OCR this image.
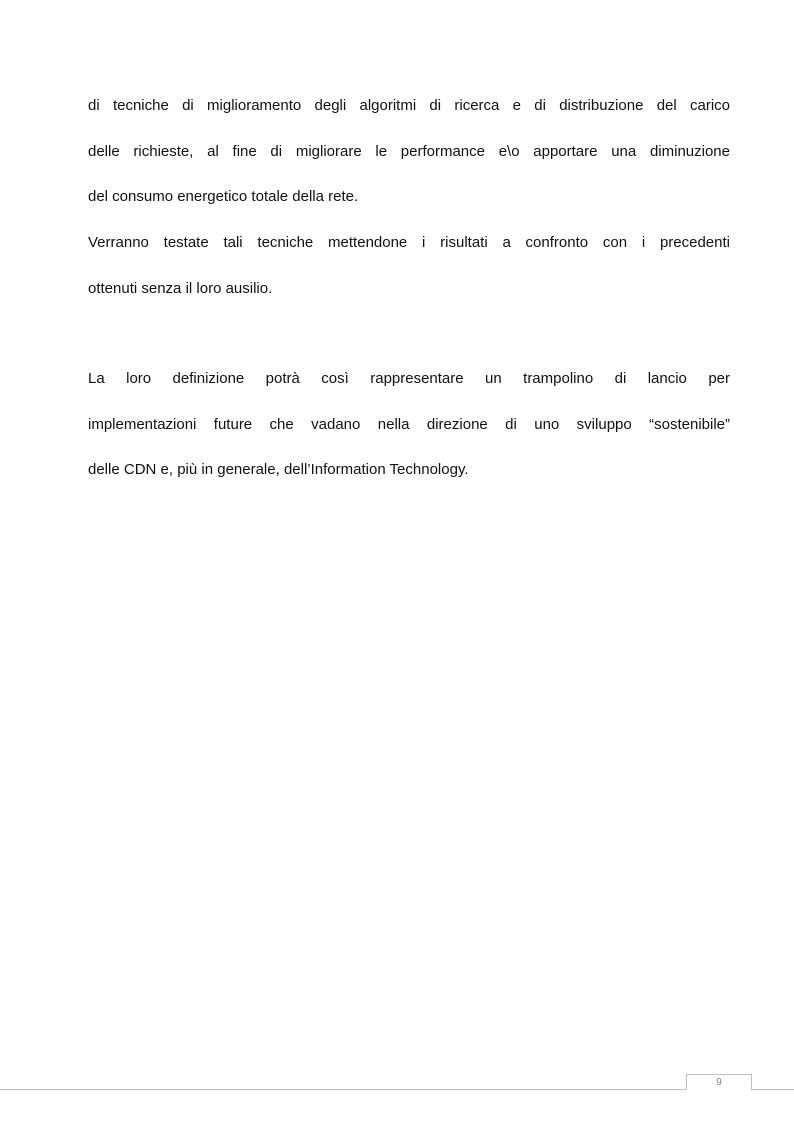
di tecniche di miglioramento degli algoritmi di ricerca e di distribuzione del carico
delle richieste, al fine di migliorare le performance e\o apportare una diminuzione
del consumo energetico totale della rete.

Verranno testate tali tecniche mettendone i risultati a confronto con i precedenti
ottenuti senza il loro ausilio.

La loro definizione potrà così rappresentare un trampolino di lancio per
implementazioni future che vadano nella direzione di uno sviluppo “sostenibile”
delle CDN e, più in generale, dell’Information Technology.

9
